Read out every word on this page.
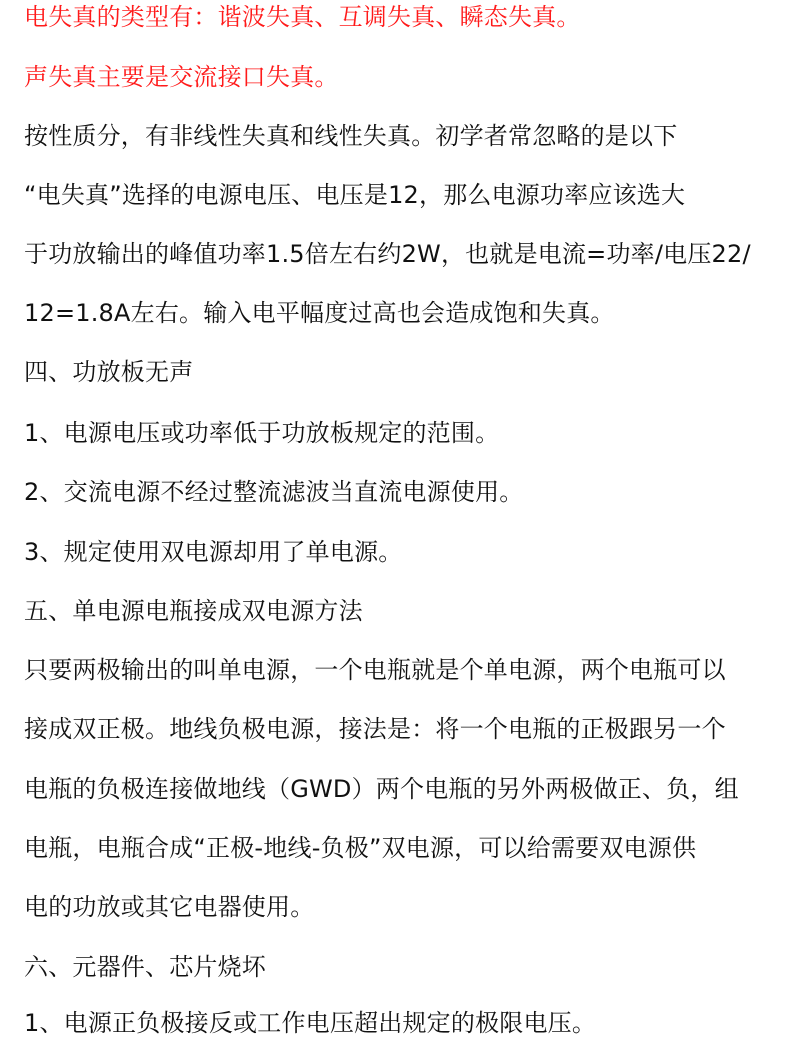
电失真的类型有：谐波失真、互调失真、瞬态失真。
声失真主要是交流接口失真。
按性质分，有非线性失真和线性失真。初学者常忽略的是以下
“电失真”选择的电源电压、电压是12，那么电源功率应该选大
于功放输出的峰值功率1.5倍左右约2W，也就是电流=功率/电压22/
12=1.8A左右。输入电平幅度过高也会造成饱和失真。
四、功放板无声
1、电源电压或功率低于功放板规定的范围。
2、交流电源不经过整流滤波当直流电源使用。
3、规定使用双电源却用了单电源。
五、单电源电瓶接成双电源方法
只要两极输出的叫单电源，一个电瓶就是个单电源，两个电瓶可以
接成双正极。地线负极电源，接法是：将一个电瓶的正极跟另一个
电瓶的负极连接做地线（GWD）两个电瓶的另外两极做正、负，组
电瓶，电瓶合成“正极-地线-负极”双电源，可以给需要双电源供
电的功放或其它电器使用。
六、元器件、芯片烧坏
1、电源正负极接反或工作电压超出规定的极限电压。
